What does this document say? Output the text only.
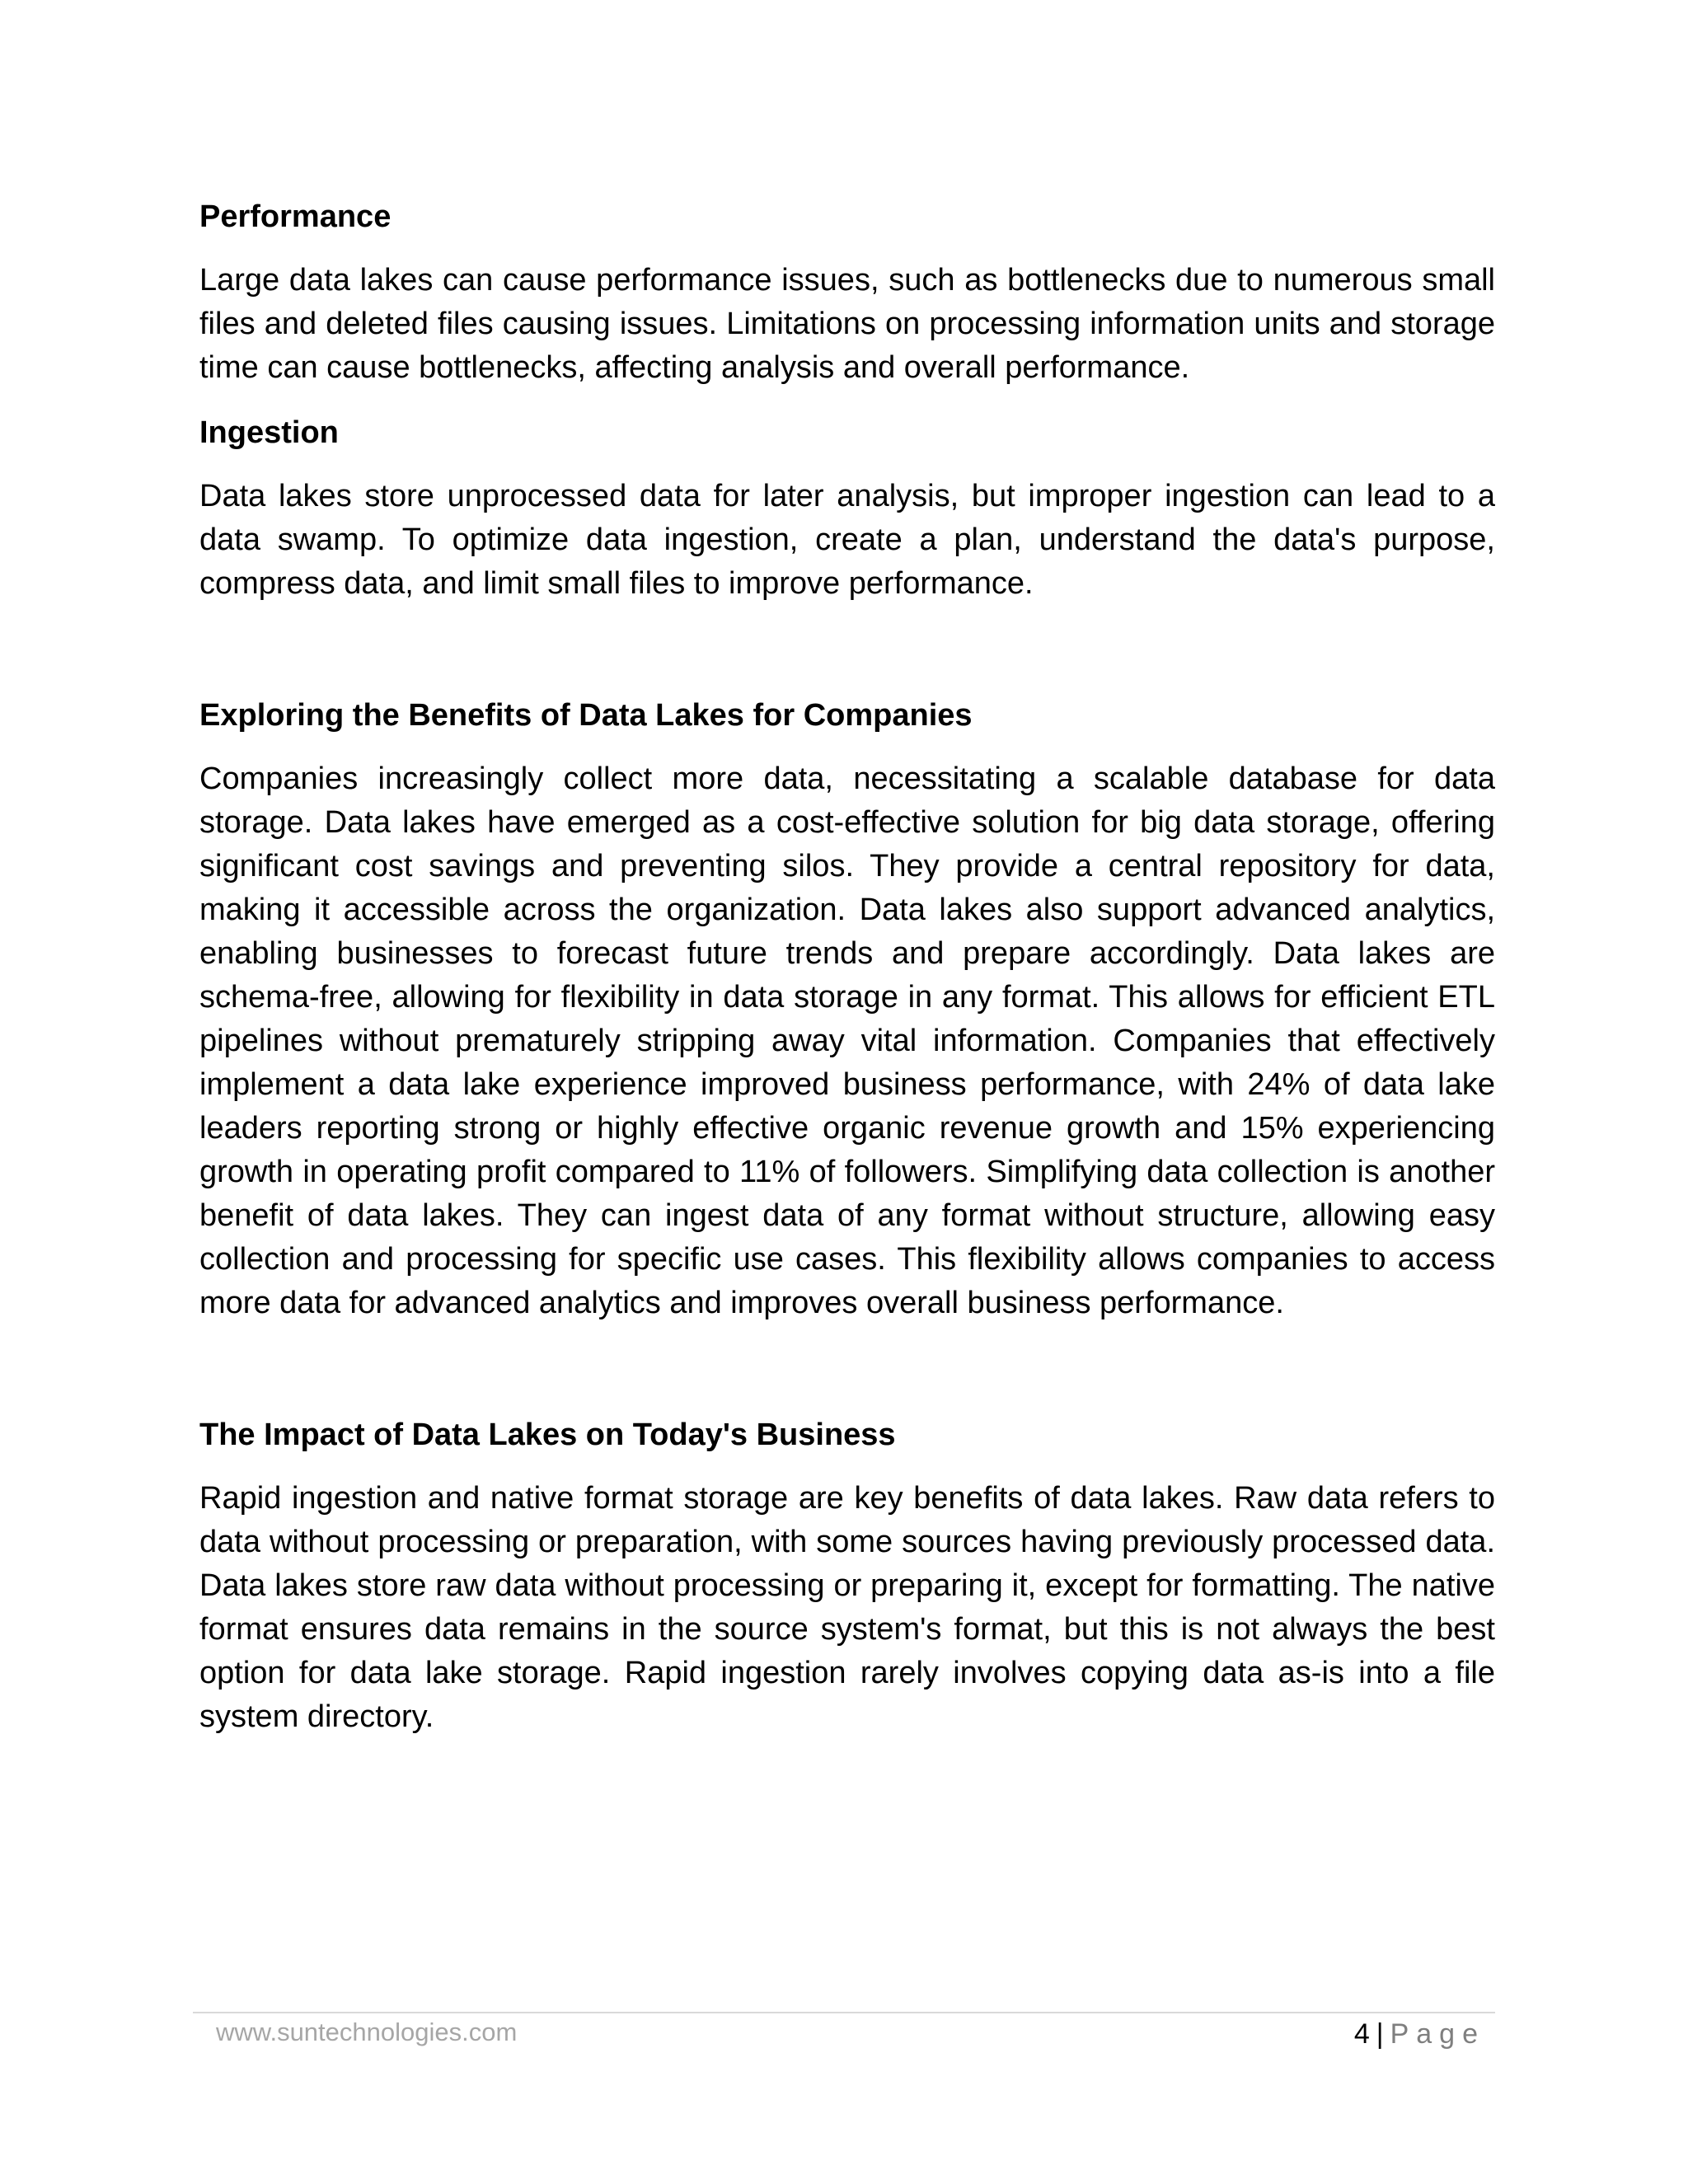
Performance

Large data lakes can cause performance issues, such as bottlenecks due to numerous small files and deleted files causing issues. Limitations on processing information units and storage time can cause bottlenecks, affecting analysis and overall performance.

Ingestion

Data lakes store unprocessed data for later analysis, but improper ingestion can lead to a data swamp. To optimize data ingestion, create a plan, understand the data's purpose, compress data, and limit small files to improve performance.

Exploring the Benefits of Data Lakes for Companies

Companies increasingly collect more data, necessitating a scalable database for data storage. Data lakes have emerged as a cost-effective solution for big data storage, offering significant cost savings and preventing silos. They provide a central repository for data, making it accessible across the organization. Data lakes also support advanced analytics, enabling businesses to forecast future trends and prepare accordingly. Data lakes are schema-free, allowing for flexibility in data storage in any format. This allows for efficient ETL pipelines without prematurely stripping away vital information. Companies that effectively implement a data lake experience improved business performance, with 24% of data lake leaders reporting strong or highly effective organic revenue growth and 15% experiencing growth in operating profit compared to 11% of followers. Simplifying data collection is another benefit of data lakes. They can ingest data of any format without structure, allowing easy collection and processing for specific use cases. This flexibility allows companies to access more data for advanced analytics and improves overall business performance.

The Impact of Data Lakes on Today's Business

Rapid ingestion and native format storage are key benefits of data lakes. Raw data refers to data without processing or preparation, with some sources having previously processed data. Data lakes store raw data without processing or preparing it, except for formatting. The native format ensures data remains in the source system's format, but this is not always the best option for data lake storage. Rapid ingestion rarely involves copying data as-is into a file system directory.

www.suntechnologies.com	4 | Page
